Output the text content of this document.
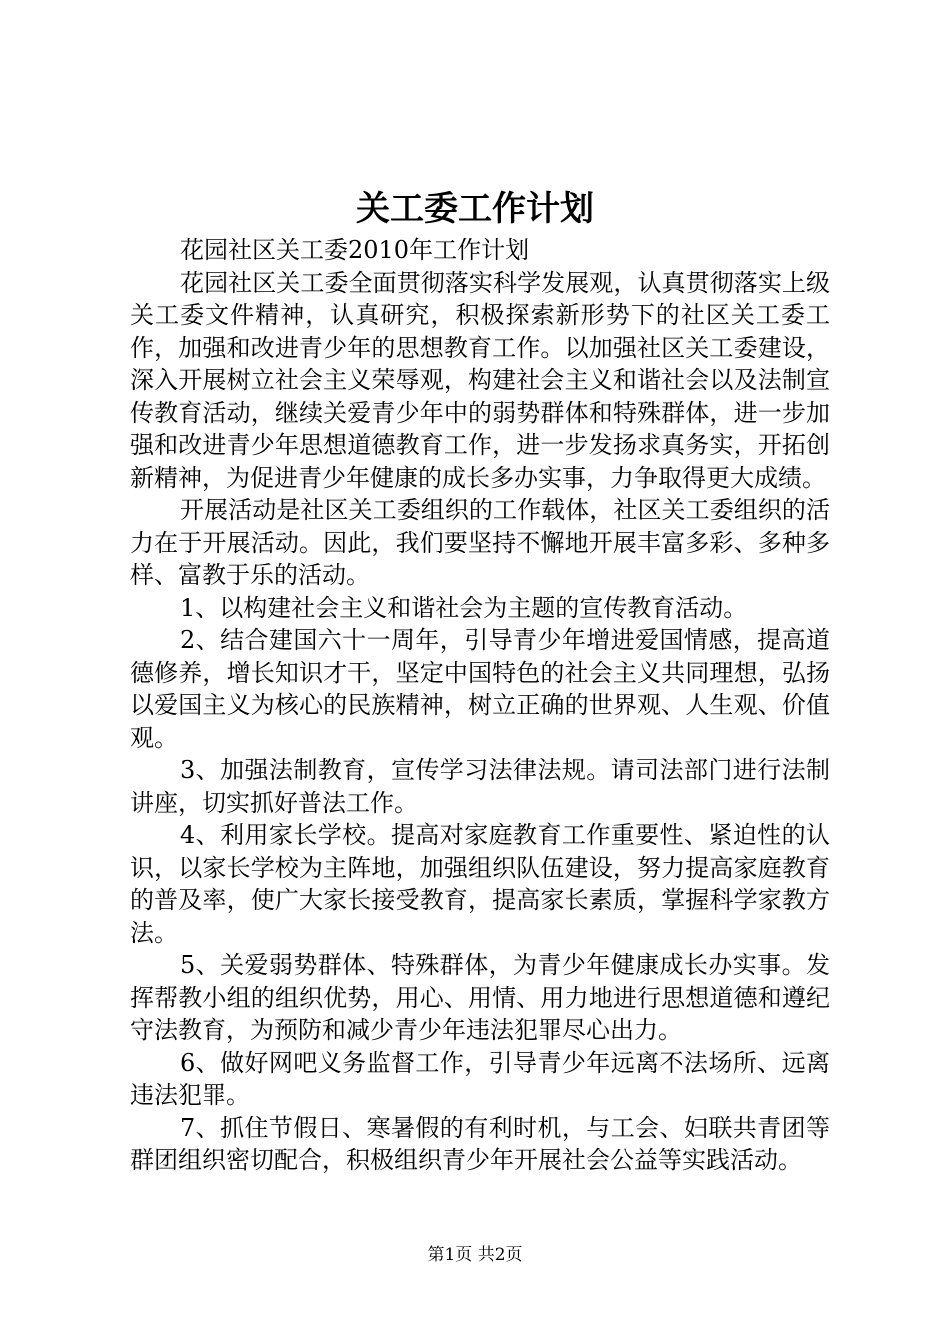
关工委工作计划

花园社区关工委2010年工作计划

花园社区关工委全面贯彻落实科学发展观，认真贯彻落实上级关工委文件精神，认真研究，积极探索新形势下的社区关工委工作，加强和改进青少年的思想教育工作。以加强社区关工委建设，深入开展树立社会主义荣辱观，构建社会主义和谐社会以及法制宣传教育活动，继续关爱青少年中的弱势群体和特殊群体，进一步加强和改进青少年思想道德教育工作，进一步发扬求真务实，开拓创新精神，为促进青少年健康的成长多办实事，力争取得更大成绩。

开展活动是社区关工委组织的工作载体，社区关工委组织的活力在于开展活动。因此，我们要坚持不懈地开展丰富多彩、多种多样、富教于乐的活动。

1、以构建社会主义和谐社会为主题的宣传教育活动。

2、结合建国六十一周年，引导青少年增进爱国情感，提高道德修养，增长知识才干，坚定中国特色的社会主义共同理想，弘扬以爱国主义为核心的民族精神，树立正确的世界观、人生观、价值观。

3、加强法制教育，宣传学习法律法规。请司法部门进行法制讲座，切实抓好普法工作。

4、利用家长学校。提高对家庭教育工作重要性、紧迫性的认识，以家长学校为主阵地，加强组织队伍建设，努力提高家庭教育的普及率，使广大家长接受教育，提高家长素质，掌握科学家教方法。

5、关爱弱势群体、特殊群体，为青少年健康成长办实事。发挥帮教小组的组织优势，用心、用情、用力地进行思想道德和遵纪守法教育，为预防和减少青少年违法犯罪尽心出力。

6、做好网吧义务监督工作，引导青少年远离不法场所、远离违法犯罪。

7、抓住节假日、寒暑假的有利时机，与工会、妇联共青团等群团组织密切配合，积极组织青少年开展社会公益等实践活动。

第1页 共2页
